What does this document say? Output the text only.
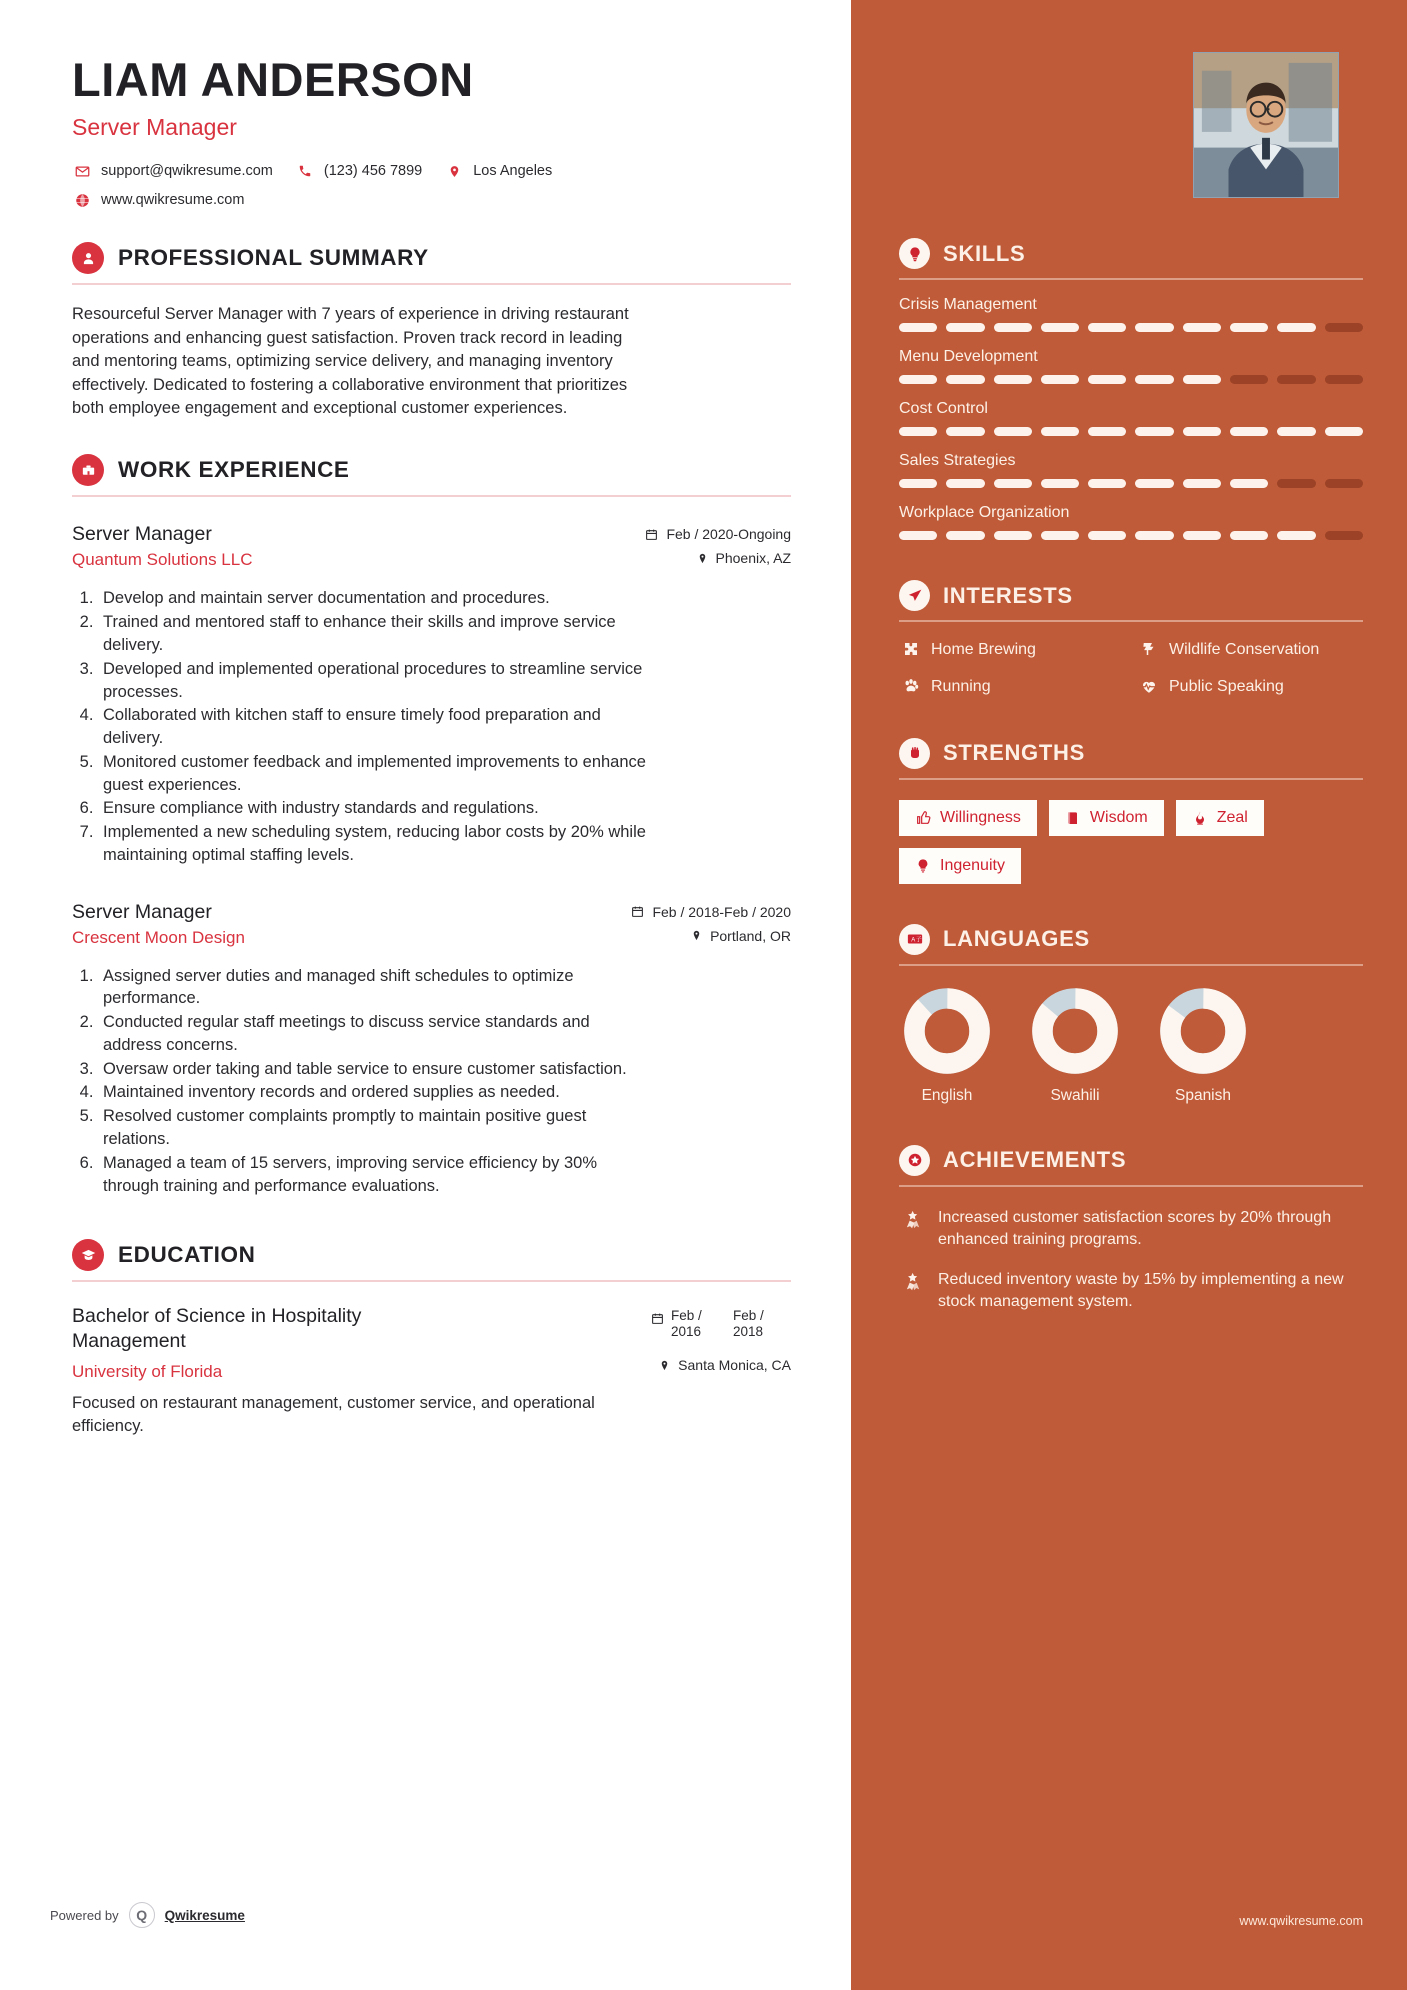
LIAM ANDERSON
Server Manager
support@qwikresume.com	(123) 456 7899	Los Angeles
www.qwikresume.com
PROFESSIONAL SUMMARY
Resourceful Server Manager with 7 years of experience in driving restaurant operations and enhancing guest satisfaction. Proven track record in leading and mentoring teams, optimizing service delivery, and managing inventory effectively. Dedicated to fostering a collaborative environment that prioritizes both employee engagement and exceptional customer experiences.
WORK EXPERIENCE
Server Manager
Quantum Solutions LLC
Feb / 2020-Ongoing
Phoenix, AZ
1. Develop and maintain server documentation and procedures.
2. Trained and mentored staff to enhance their skills and improve service delivery.
3. Developed and implemented operational procedures to streamline service processes.
4. Collaborated with kitchen staff to ensure timely food preparation and delivery.
5. Monitored customer feedback and implemented improvements to enhance guest experiences.
6. Ensure compliance with industry standards and regulations.
7. Implemented a new scheduling system, reducing labor costs by 20% while maintaining optimal staffing levels.
Server Manager
Crescent Moon Design
Feb / 2018-Feb / 2020
Portland, OR
1. Assigned server duties and managed shift schedules to optimize performance.
2. Conducted regular staff meetings to discuss service standards and address concerns.
3. Oversaw order taking and table service to ensure customer satisfaction.
4. Maintained inventory records and ordered supplies as needed.
5. Resolved customer complaints promptly to maintain positive guest relations.
6. Managed a team of 15 servers, improving service efficiency by 30% through training and performance evaluations.
EDUCATION
Bachelor of Science in Hospitality Management
University of Florida
Feb / 2016
Feb / 2018
Santa Monica, CA
Focused on restaurant management, customer service, and operational efficiency.
Powered by	Q	Qwikresume
SKILLS
Crisis Management
Menu Development
Cost Control
Sales Strategies
Workplace Organization
INTERESTS
Home Brewing	Wildlife Conservation
Running	Public Speaking
STRENGTHS
Willingness	Wisdom	Zeal
Ingenuity
A 子 LANGUAGES
English	Swahili	Spanish
ACHIEVEMENTS
Increased customer satisfaction scores by 20% through enhanced training programs.
Reduced inventory waste by 15% by implementing a new stock management system.
www.qwikresume.com
